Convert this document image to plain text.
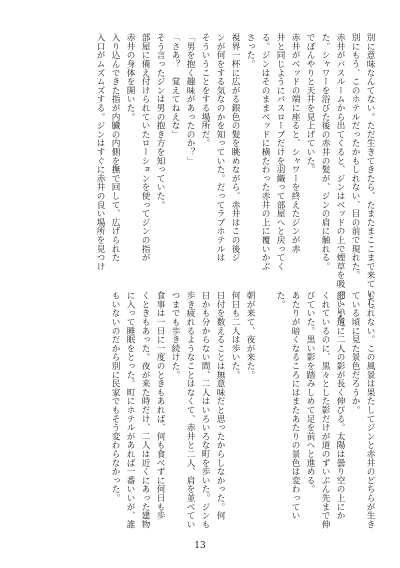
別に意味なんてない。ただ生きてきたら、たまたまここまで来ていた。
別にもう、このホテルだったかもしれない、目の前で現れた。
赤井がバスルームから出てくると、ジンはベッドの上で煙草を吸っていた。
た。シャワーを浴びた後の赤井の髪が、ジンの肩に触れる。
でぼんやりと天井を見上げていた。
赤井がベッドの端に座ると、シャワーを終えたジンが赤
井と同じようにバスローブだけを羽織って部屋へと戻ってく
る。ジンはそのままベッドに横たわった赤井の上に覆いかぶ
さった。
視界一杯に広がる銀色の髪を眺めながら、赤井はこの後ジ
ンが何をする気なのかを知っていた。だってラブホテルは
そういうことをする場所だ。
「男を抱く趣味があったのか？」
「さあ？　覚えてねえな」
そう言ったジンは男の抱き方を知っていた。
部屋に備え付けられていたローションを使ってジンの指が
赤井の身体を開いた。
入り込んできた指が内臓の内側を撫で回して、広げられた
入口がムズムズする。ジンはすぐに赤井の良い場所を見つけ
もしれない。この風景は果たしてジンと赤井のどちらが生き
ている頃に見た景色だろうか。
細い小道に二人の影が長く伸びる。太陽は曇り空の上にか
くれているのに、黒々とした影だけが道のずいぶん先まで伸
びていた。黒い影を踏みしめて足を前へと進める。
あたりが暗くなるころにはまたあたりの景色は変わってい
た。
朝が来て、夜が来た。
何日も二人は歩いた。
日付を数えることは無意味だと思ったからしなかった。何
日かも分からない間、二人はいろいろな町を歩いた。ジンも
歩き疲れるようなことはなくて、赤井と二人、肩を並べてい
つまでも歩き続けた。
食事は一日に一度のときもあれば、何も食べずに何日も歩
くときもあった。夜が来た時だけ、二人は近くにあった建物
に入って睡眠をとった。町にホテルがあれば一番いいが、誰
もいないのだから別に民家でもそう変わらなかった。
13
